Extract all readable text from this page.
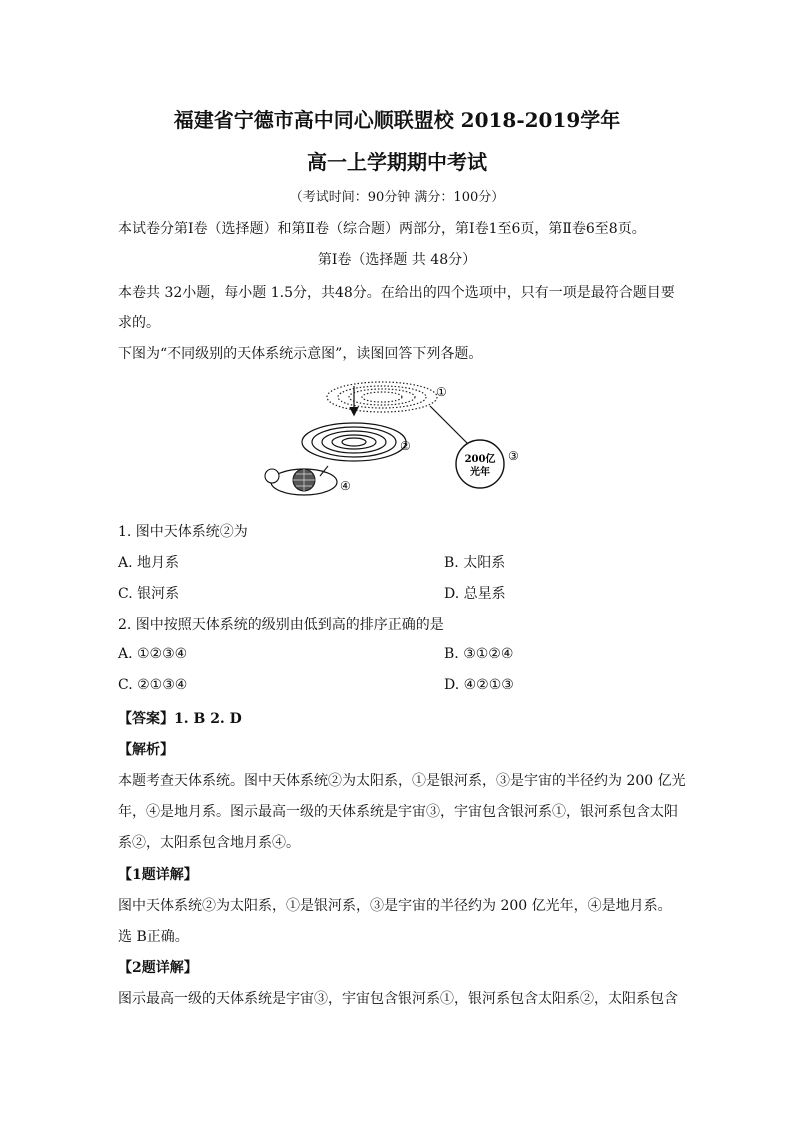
福建省宁德市高中同心顺联盟校 2018-2019学年
高一上学期期中考试
（考试时间：90分钟 满分：100分）
本试卷分第Ⅰ卷（选择题）和第Ⅱ卷（综合题）两部分，第Ⅰ卷1至6页，第Ⅱ卷6至8页。
第Ⅰ卷（选择题 共 48分）
本卷共 32小题，每小题 1.5分，共48分。在给出的四个选项中，只有一项是最符合题目要
求的。
下图为“不同级别的天体系统示意图”，读图回答下列各题。
①
②
200亿
光年
③
④
1. 图中天体系统②为
A. 地月系	B. 太阳系
C. 银河系	D. 总星系
2. 图中按照天体系统的级别由低到高的排序正确的是
A. ①②③④	B. ③①②④
C. ②①③④	D. ④②①③
【答案】1. B 2. D
【解析】
本题考查天体系统。图中天体系统②为太阳系，①是银河系，③是宇宙的半径约为 200 亿光
年，④是地月系。图示最高一级的天体系统是宇宙③，宇宙包含银河系①，银河系包含太阳
系②，太阳系包含地月系④。
【1题详解】
图中天体系统②为太阳系，①是银河系，③是宇宙的半径约为 200 亿光年，④是地月系。
选 B正确。
【2题详解】
图示最高一级的天体系统是宇宙③，宇宙包含银河系①，银河系包含太阳系②，太阳系包含
